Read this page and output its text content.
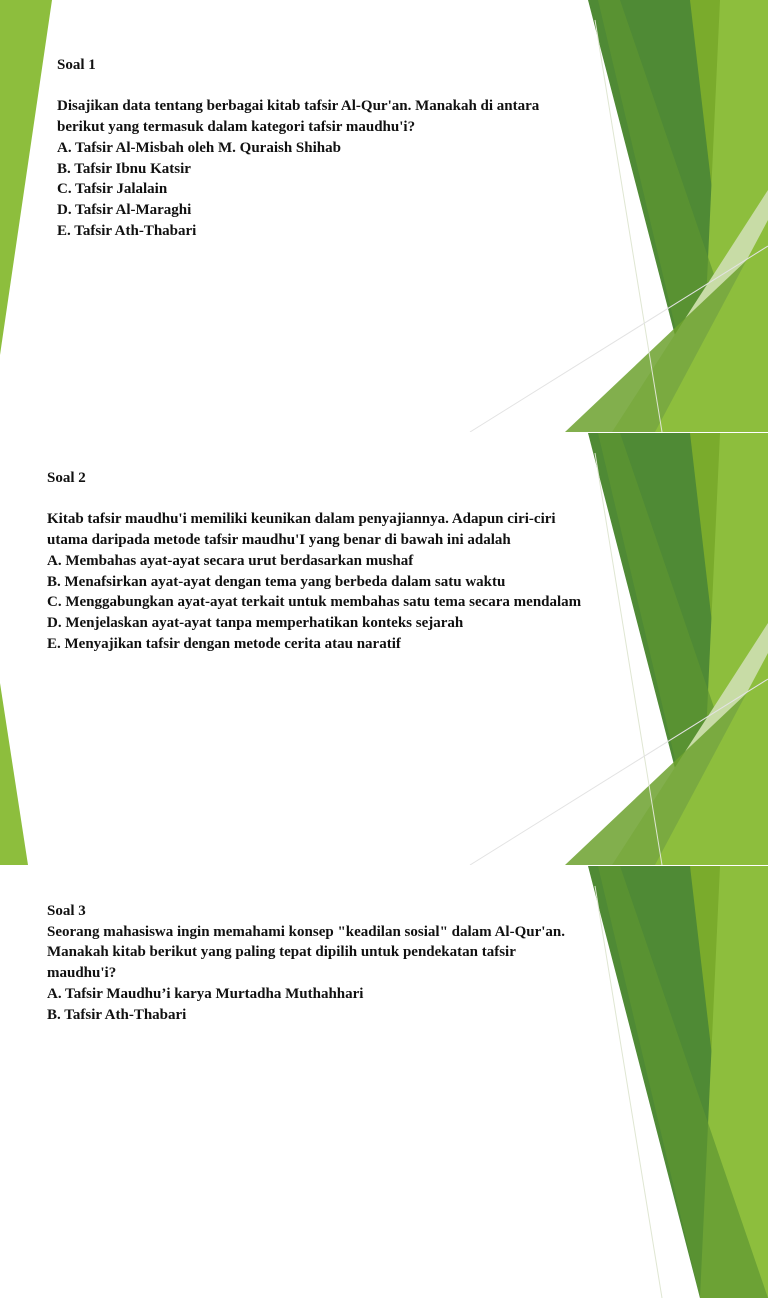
Soal 1

Disajikan data tentang berbagai kitab tafsir Al-Qur'an. Manakah di antara berikut yang termasuk dalam kategori tafsir maudhu'i?

A. Tafsir Al-Misbah oleh M. Quraish Shihab

B. Tafsir Ibnu Katsir

C. Tafsir Jalalain

D. Tafsir Al-Maraghi

E. Tafsir Ath-Thabari

Soal 2

Kitab tafsir maudhu'i memiliki keunikan dalam penyajiannya. Adapun ciri-ciri utama daripada metode tafsir maudhu'I yang benar di bawah ini adalah

A. Membahas ayat-ayat secara urut berdasarkan mushaf

B. Menafsirkan ayat-ayat dengan tema yang berbeda dalam satu waktu

C. Menggabungkan ayat-ayat terkait untuk membahas satu tema secara mendalam

D. Menjelaskan ayat-ayat tanpa memperhatikan konteks sejarah

E. Menyajikan tafsir dengan metode cerita atau naratif

Soal 3

Seorang mahasiswa ingin memahami konsep "keadilan sosial" dalam Al-Qur'an. Manakah kitab berikut yang paling tepat dipilih untuk pendekatan tafsir maudhu'i?

A. Tafsir Maudhu’i karya Murtadha Muthahhari

B. Tafsir Ath-Thabari
